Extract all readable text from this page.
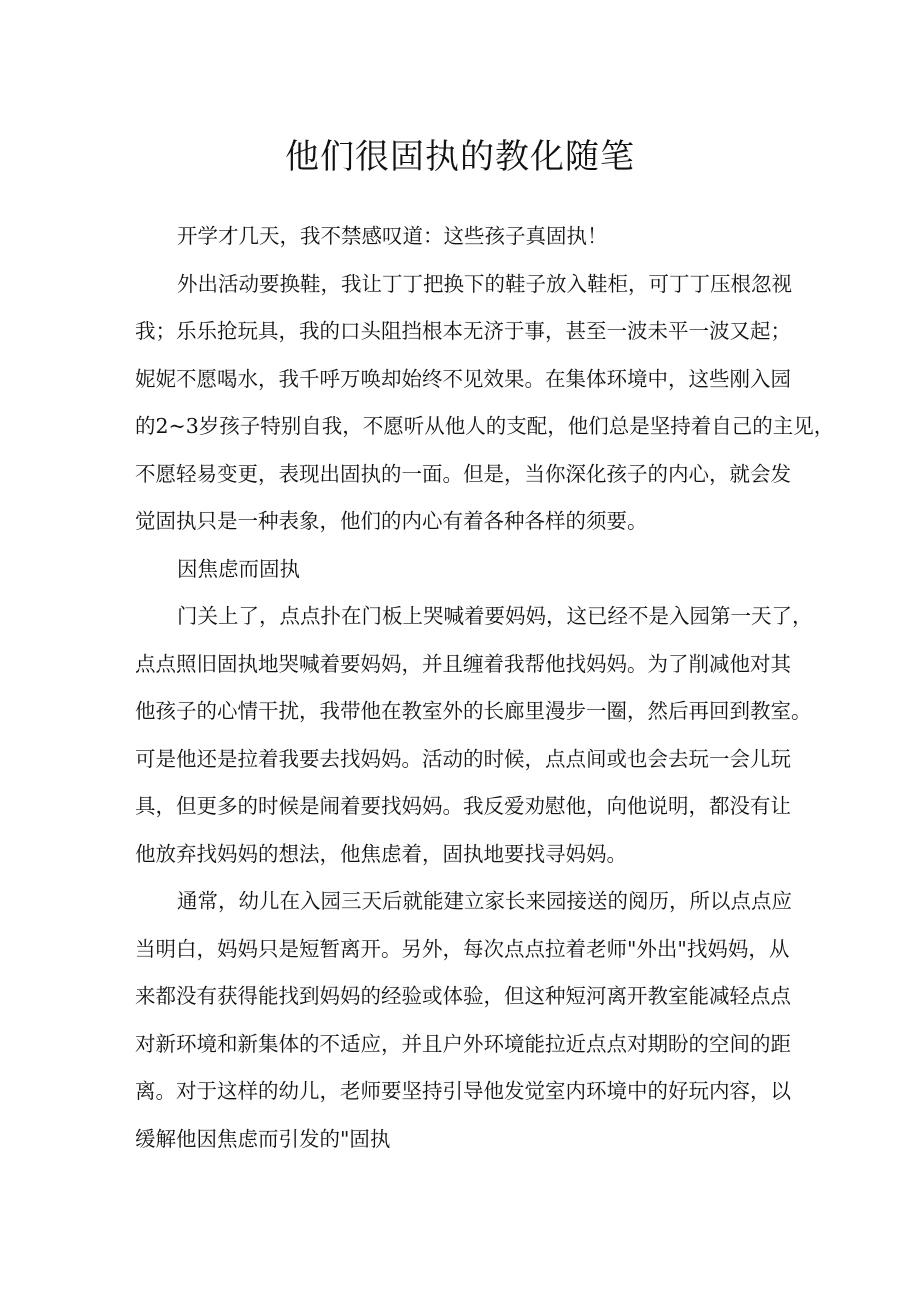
他们很固执的教化随笔

开学才几天，我不禁感叹道：这些孩子真固执！

外出活动要换鞋，我让丁丁把换下的鞋子放入鞋柜，可丁丁压根忽视
我；乐乐抢玩具，我的口头阻挡根本无济于事，甚至一波未平一波又起；
妮妮不愿喝水，我千呼万唤却始终不见效果。在集体环境中，这些刚入园
的2~3岁孩子特别自我，不愿听从他人的支配，他们总是坚持着自己的主见，
不愿轻易变更，表现出固执的一面。但是，当你深化孩子的内心，就会发
觉固执只是一种表象，他们的内心有着各种各样的须要。

因焦虑而固执

门关上了，点点扑在门板上哭喊着要妈妈，这已经不是入园第一天了，
点点照旧固执地哭喊着要妈妈，并且缠着我帮他找妈妈。为了削减他对其
他孩子的心情干扰，我带他在教室外的长廊里漫步一圈，然后再回到教室。
可是他还是拉着我要去找妈妈。活动的时候，点点间或也会去玩一会儿玩
具，但更多的时候是闹着要找妈妈。我反爱劝慰他，向他说明，都没有让
他放弃找妈妈的想法，他焦虑着，固执地要找寻妈妈。

通常，幼儿在入园三天后就能建立家长来园接送的阅历，所以点点应
当明白，妈妈只是短暂离开。另外，每次点点拉着老师"外出"找妈妈，从
来都没有获得能找到妈妈的经验或体验，但这种短河离开教室能减轻点点
对新环境和新集体的不适应，并且户外环境能拉近点点对期盼的空间的距
离。对于这样的幼儿，老师要坚持引导他发觉室内环境中的好玩内容，以
缓解他因焦虑而引发的"固执
